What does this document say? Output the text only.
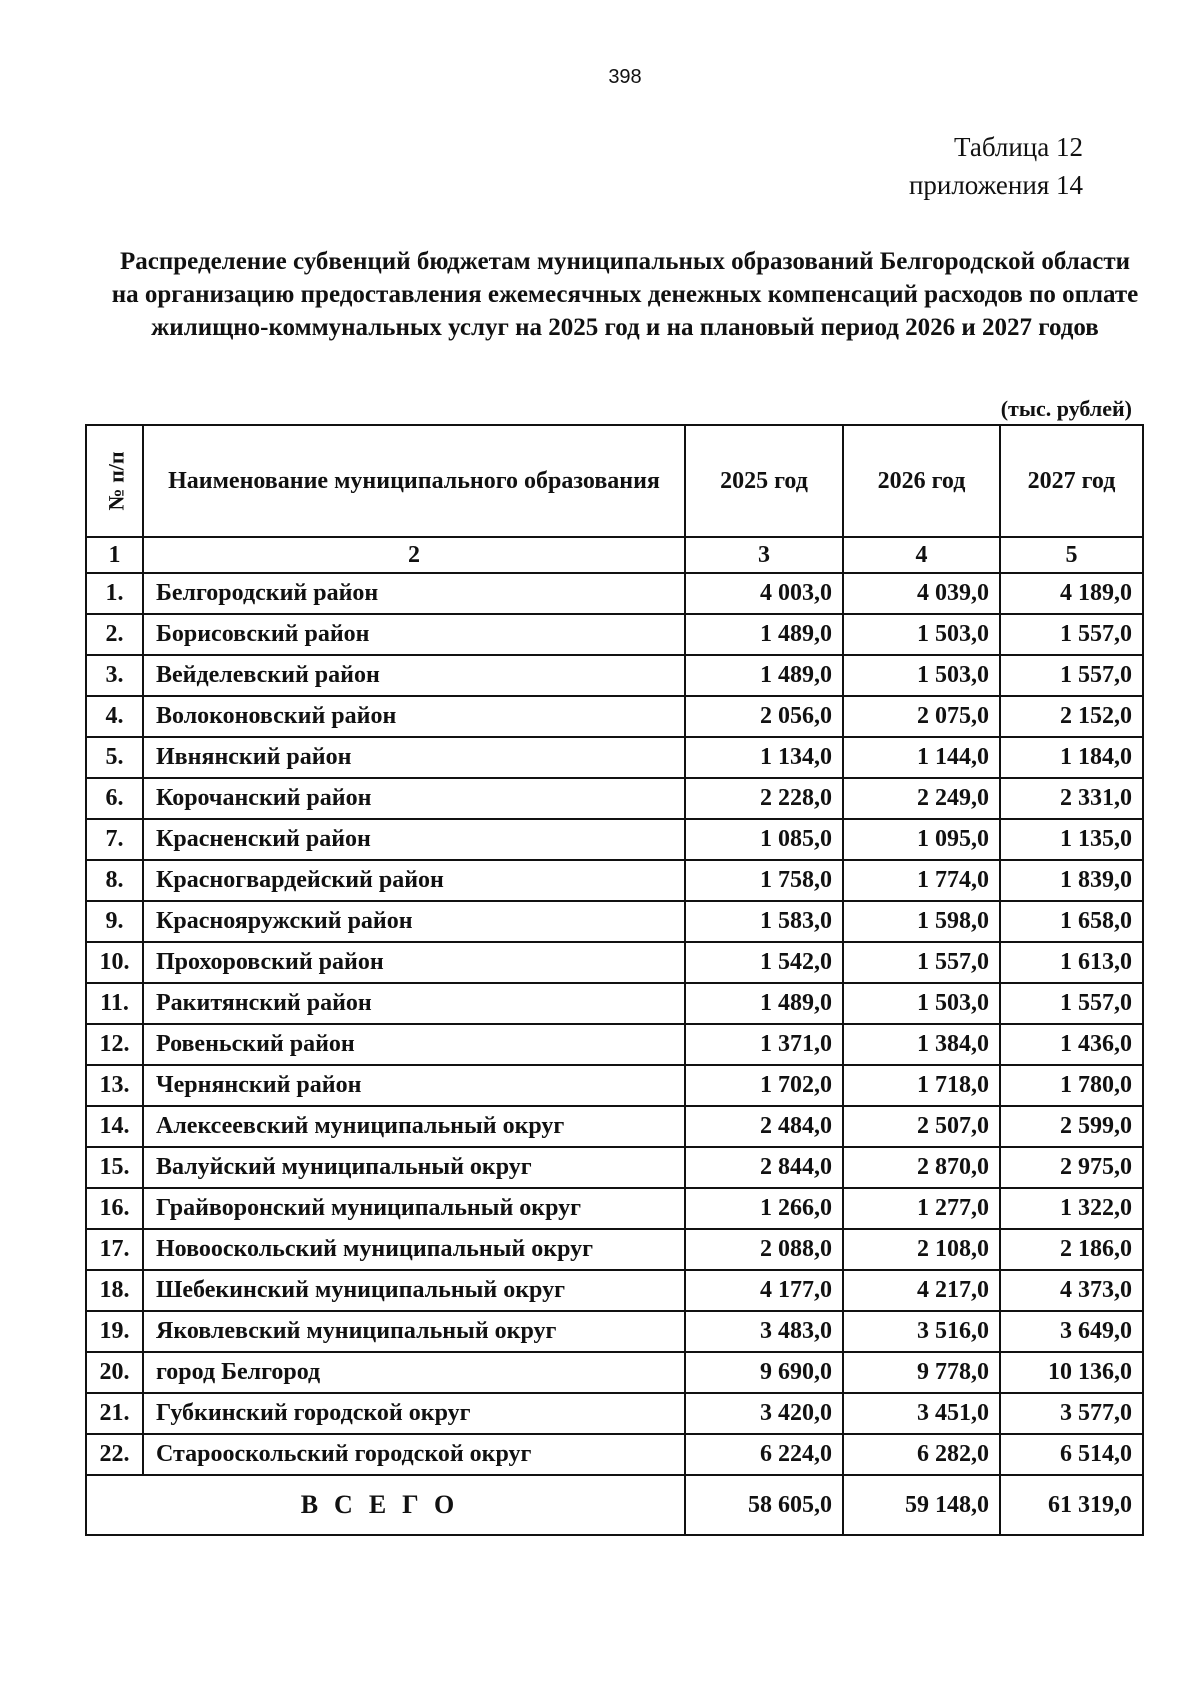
398
Таблица 12
приложения 14
Распределение субвенций бюджетам муниципальных образований Белгородской области на организацию предоставления ежемесячных денежных компенсаций расходов по оплате жилищно-коммунальных услуг на 2025 год и на плановый период 2026 и 2027 годов
(тыс. рублей)
№ п/п	Наименование муниципального образования	2025 год	2026 год	2027 год
1	2	3	4	5
1.	Белгородский район	4 003,0	4 039,0	4 189,0
2.	Борисовский район	1 489,0	1 503,0	1 557,0
3.	Вейделевский район	1 489,0	1 503,0	1 557,0
4.	Волоконовский район	2 056,0	2 075,0	2 152,0
5.	Ивнянский район	1 134,0	1 144,0	1 184,0
6.	Корочанский район	2 228,0	2 249,0	2 331,0
7.	Красненский район	1 085,0	1 095,0	1 135,0
8.	Красногвардейский район	1 758,0	1 774,0	1 839,0
9.	Краснояружский район	1 583,0	1 598,0	1 658,0
10.	Прохоровский район	1 542,0	1 557,0	1 613,0
11.	Ракитянский район	1 489,0	1 503,0	1 557,0
12.	Ровеньский район	1 371,0	1 384,0	1 436,0
13.	Чернянский район	1 702,0	1 718,0	1 780,0
14.	Алексеевский муниципальный округ	2 484,0	2 507,0	2 599,0
15.	Валуйский муниципальный округ	2 844,0	2 870,0	2 975,0
16.	Грайворонский муниципальный округ	1 266,0	1 277,0	1 322,0
17.	Новооскольский муниципальный округ	2 088,0	2 108,0	2 186,0
18.	Шебекинский муниципальный округ	4 177,0	4 217,0	4 373,0
19.	Яковлевский муниципальный округ	3 483,0	3 516,0	3 649,0
20.	город Белгород	9 690,0	9 778,0	10 136,0
21.	Губкинский городской округ	3 420,0	3 451,0	3 577,0
22.	Старооскольский городской округ	6 224,0	6 282,0	6 514,0
ВСЕГО		58 605,0	59 148,0	61 319,0
